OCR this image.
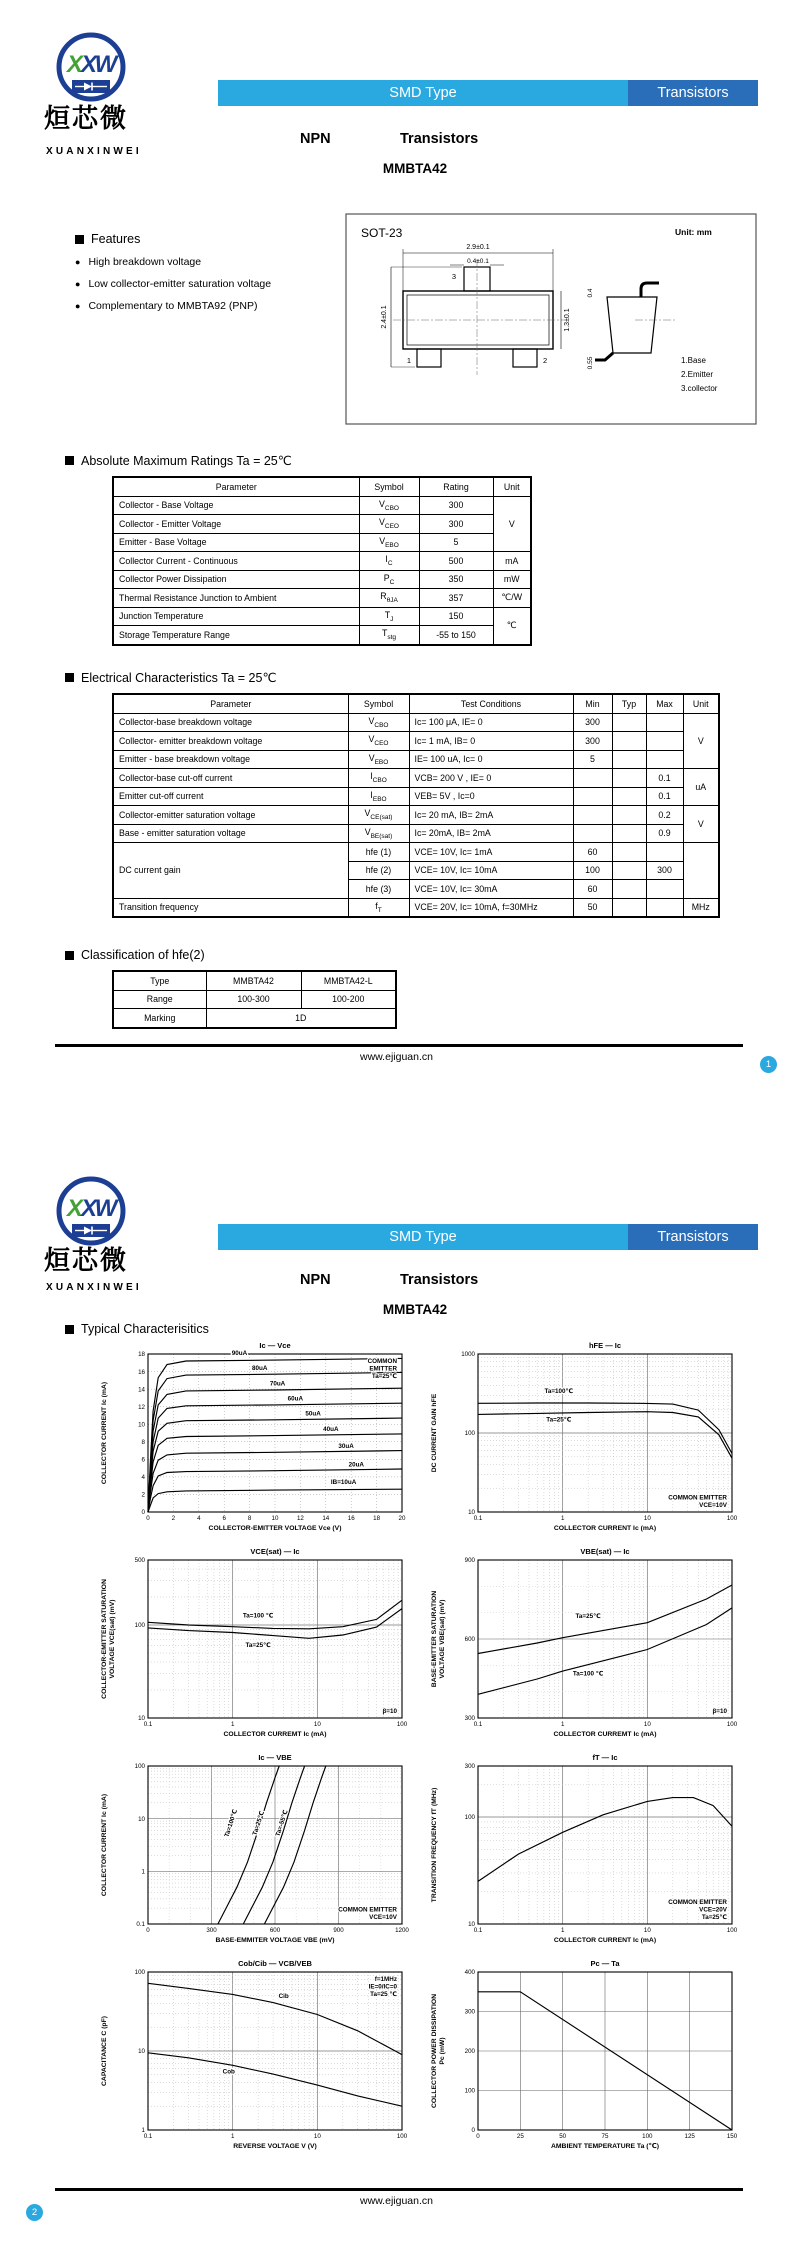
X
X
W
烜芯微
XUANXINWEI
SMD Type	Transistors
NPN	Transistors
MMBTA42
Features
● High breakdown voltage
● Low collector-emitter saturation voltage
● Complementary to MMBTA92 (PNP)
SOT-23	Unit: mm
3
1	2
2.9±0.1
0.4±0.1
2.4±0.1	1.3±0.1
0.4
0.55	1.Base
2.Emitter
3.collector
Absolute Maximum Ratings Ta = 25℃
Parameter	Symbol	Rating	Unit
Collector - Base Voltage	$V_{CBO}$	300	V
Collector - Emitter Voltage	$V_{CEO}$	300	
Emitter - Base Voltage	$V_{EBO}$	5	
Collector Current - Continuous	$I_C$	500	mA
Collector Power Dissipation	$P_C$	350	mW
Thermal Resistance Junction to Ambient	$R_{\theta JA}$	357	℃/W
Junction Temperature	$T_J$	150	℃
Storage Temperature Range	$T_{stg}$	-55 to 150	
Electrical Characteristics Ta = 25℃
Parameter	Symbol	Test Conditions	Min	Typ	Max	Unit
Collector-base breakdown voltage	$V_{CBO}$	Ic= 100 μA, IE= 0	300			V
Collector- emitter breakdown voltage	$V_{CEO}$	Ic= 1 mA, IB= 0	300			
Emitter - base breakdown voltage	$V_{EBO}$	IE= 100 uA, Ic= 0	5			
Collector-base cut-off current	$I_{CBO}$	VCB= 200 V , IE= 0			0.1	uA
Emitter cut-off current	$I_{EBO}$	VEB= 5V , Ic=0			0.1	
Collector-emitter saturation voltage	$V_{CE(sat)}$	Ic= 20 mA, IB= 2mA			0.2	V
Base - emitter saturation voltage	$V_{BE(sat)}$	Ic= 20mA, IB= 2mA			0.9	
DC current gain	hfe (1)	VCE= 10V, Ic= 1mA	60			
	hfe (2)	VCE= 10V, Ic= 10mA	100		300	
	hfe (3)	VCE= 10V, Ic= 30mA	60			
Transition frequency	$f_T$	VCE= 20V, Ic= 10mA, f=30MHz	50			MHz
Classification of hfe(2)
Type	MMBTA42	MMBTA42-L
Range	100-300	100-200
Marking	1D	
www.ejiguan.cn
1
X
X
W
烜芯微
XUANXINWEI
SMD Type	Transistors
NPN	Transistors
MMBTA42
Typical Characterisitics
0	2	4	6	8	10	12	14	16	18	20
0
2
4
6
8
10
12
14
16
18
COLLECTOR-EMITTER VOLTAGE Vce (V)
COLLECTOR CURRENT Ic (mA)
Ic — Vce
90uA
80uA
70uA
60uA
50uA
40uA
30uA
20uA
IB=10uA
COMMON
EMITTER
Ta=25℃
0.1	1	10	100
10
100
1000
COLLECTOR CURRENT Ic (mA)
DC CURRENT GAIN hFE
hFE — Ic
Ta=100℃
Ta=25℃
COMMON EMITTER
VCE=10V
0.1	1	10	100
10
100
500
COLLECTOR CURREMT Ic (mA)
COLLECTOR-EMITTER SATURATION VOLTAGE VCE(sat) (mV)
VCE(sat) — Ic
Ta=100 ℃
Ta=25℃
β=10
0.1	1	10	100
300
600
900
COLLECTOR CURREMT Ic (mA)
BASE-EMITTER SATURATION VOLTAGE VBE(sat) (mV)
VBE(sat) — Ic
Ta=25℃
Ta=100 ℃
β=10
0	300	600	900	1200
0.1
1
10
100
BASE-EMMITER VOLTAGE VBE (mV)
COLLECTOR CURRENT Ic (mA)
Ic — VBE
Ta=100℃ Ta=25℃ Ta=-55℃
COMMON EMITTER
VCE=10V
0.1	1	10	100
10
100
300
COLLECTOR CURRENT Ic (mA)
TRANSITION FREQUENCY fT (MHz)
fT — Ic
COMMON EMITTER
VCE=20V
Ta=25℃
0.1	1	10	100
1
10
100
REVERSE VOLTAGE V (V)
CAPACITANCE C (pF)
Cob/Cib — VCB/VEB
Cib
Cob
f=1MHz
IE=0/IC=0
Ta=25 ℃
0	25	50	75	100	125	150
0
100
200
300
400
AMBIENT TEMPERATURE Ta (℃)
COLLECTOR POWER DISSIPATION Pc (mW)
Pc — Ta
www.ejiguan.cn
2
